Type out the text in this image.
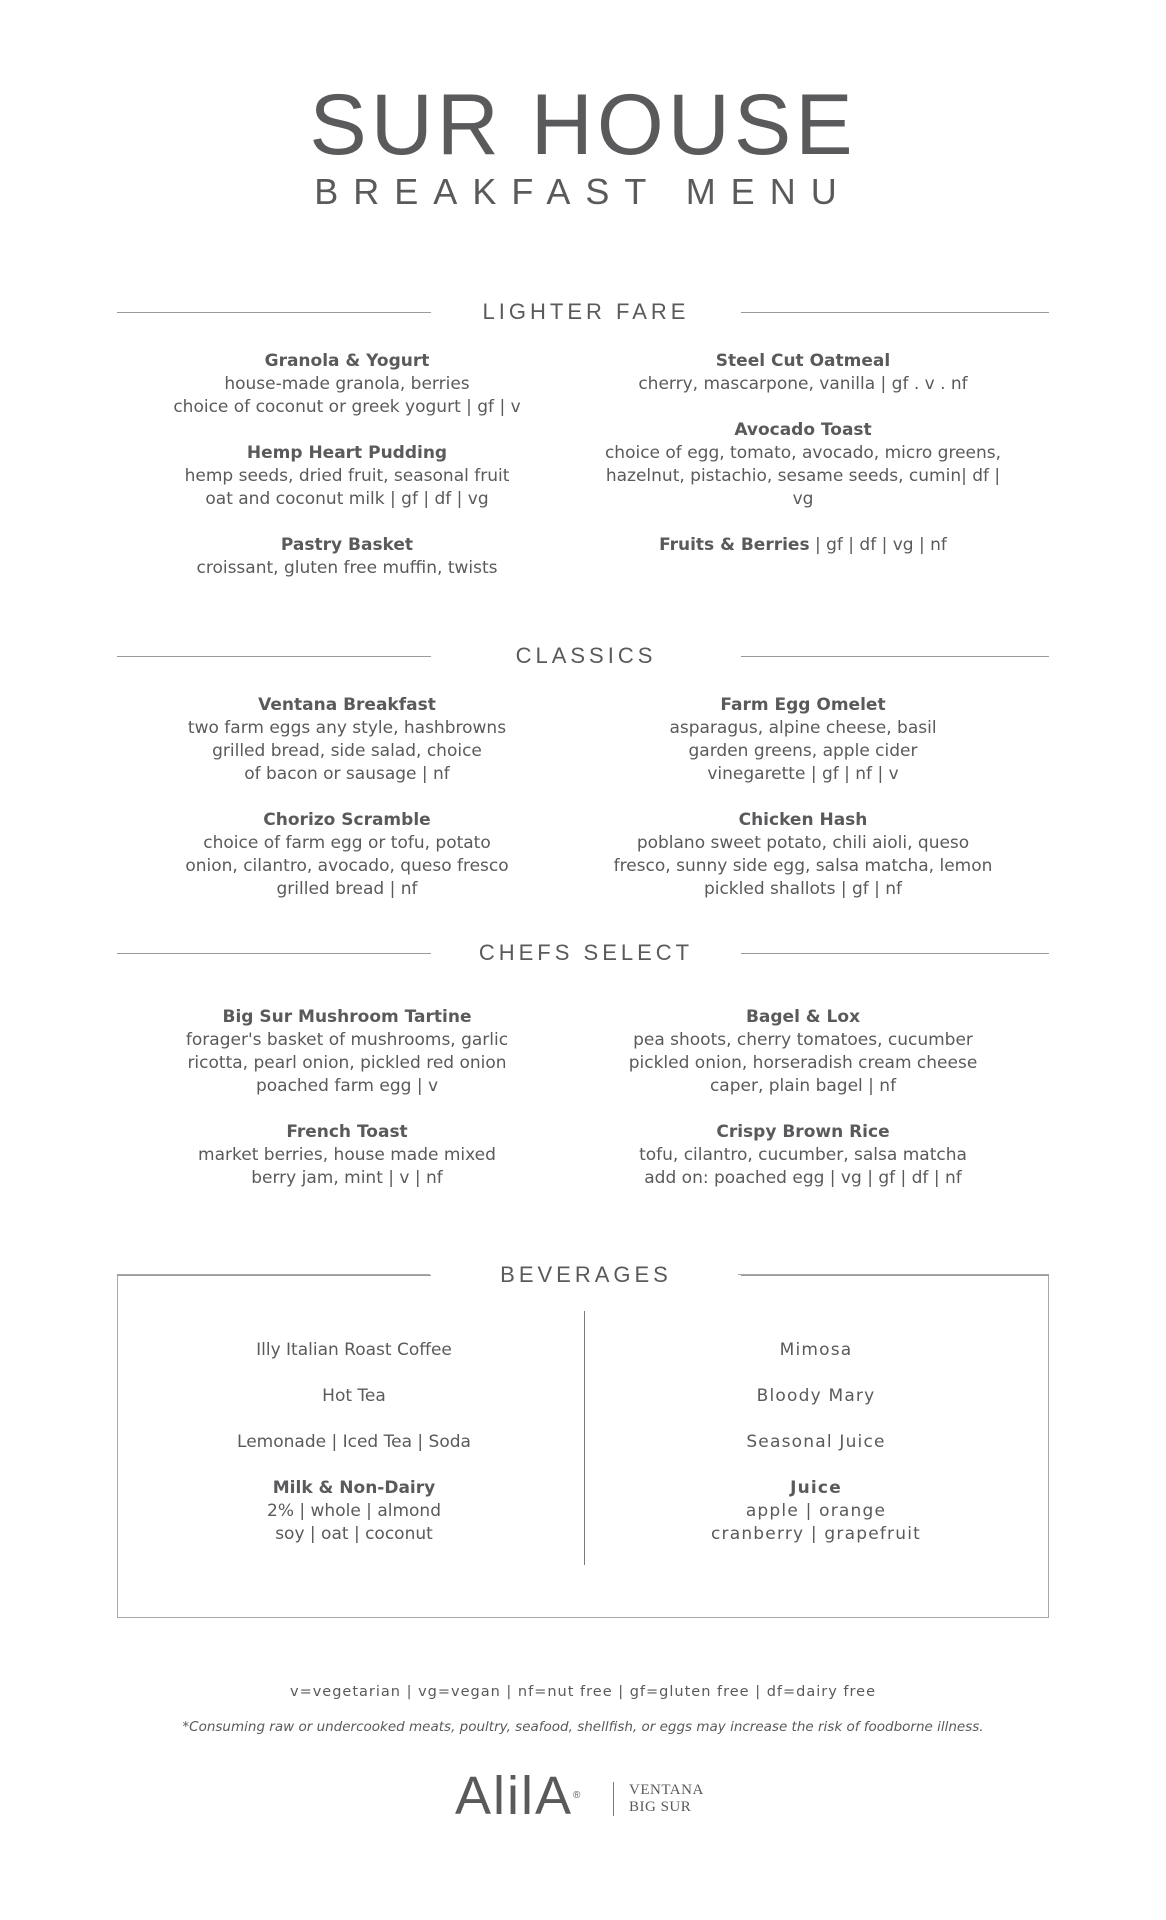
SUR HOUSE
BREAKFAST MENU
LIGHTER FARE
Granola & Yogurt
house-made granola, berries
choice of coconut or greek yogurt | gf | v
Hemp Heart Pudding
hemp seeds, dried fruit, seasonal fruit
oat and coconut milk | gf | df | vg
Pastry Basket
croissant, gluten free muffin, twists
Steel Cut Oatmeal
cherry, mascarpone, vanilla | gf . v . nf
Avocado Toast
choice of egg, tomato, avocado, micro greens,
hazelnut, pistachio, sesame seeds, cumin| df | vg
Fruits & Berries | gf | df | vg | nf
CLASSICS
Ventana Breakfast
two farm eggs any style, hashbrowns
grilled bread, side salad, choice
of bacon or sausage | nf
Chorizo Scramble
choice of farm egg or tofu, potato
onion, cilantro, avocado, queso fresco
grilled bread | nf
Farm Egg Omelet
asparagus, alpine cheese, basil
garden greens, apple cider
vinegarette | gf | nf | v
Chicken Hash
poblano sweet potato, chili aioli, queso
fresco, sunny side egg, salsa matcha, lemon
pickled shallots | gf | nf
CHEFS SELECT
Big Sur Mushroom Tartine
forager's basket of mushrooms, garlic
ricotta, pearl onion, pickled red onion
poached farm egg | v
French Toast
market berries, house made mixed
berry jam, mint | v | nf
Bagel & Lox
pea shoots, cherry tomatoes, cucumber
pickled onion, horseradish cream cheese
caper, plain bagel | nf
Crispy Brown Rice
tofu, cilantro, cucumber, salsa matcha
add on: poached egg | vg | gf | df | nf
BEVERAGES
Illy Italian Roast Coffee
Hot Tea
Lemonade | Iced Tea | Soda
Milk & Non-Dairy
2% | whole | almond
soy | oat | coconut
Mimosa
Bloody Mary
Seasonal Juice
Juice
apple | orange
cranberry | grapefruit
v=vegetarian | vg=vegan | nf=nut free | gf=gluten free | df=dairy free
*Consuming raw or undercooked meats, poultry, seafood, shellfish, or eggs may increase the risk of foodborne illness.
AlilA®	VENTANA
BIG SUR
